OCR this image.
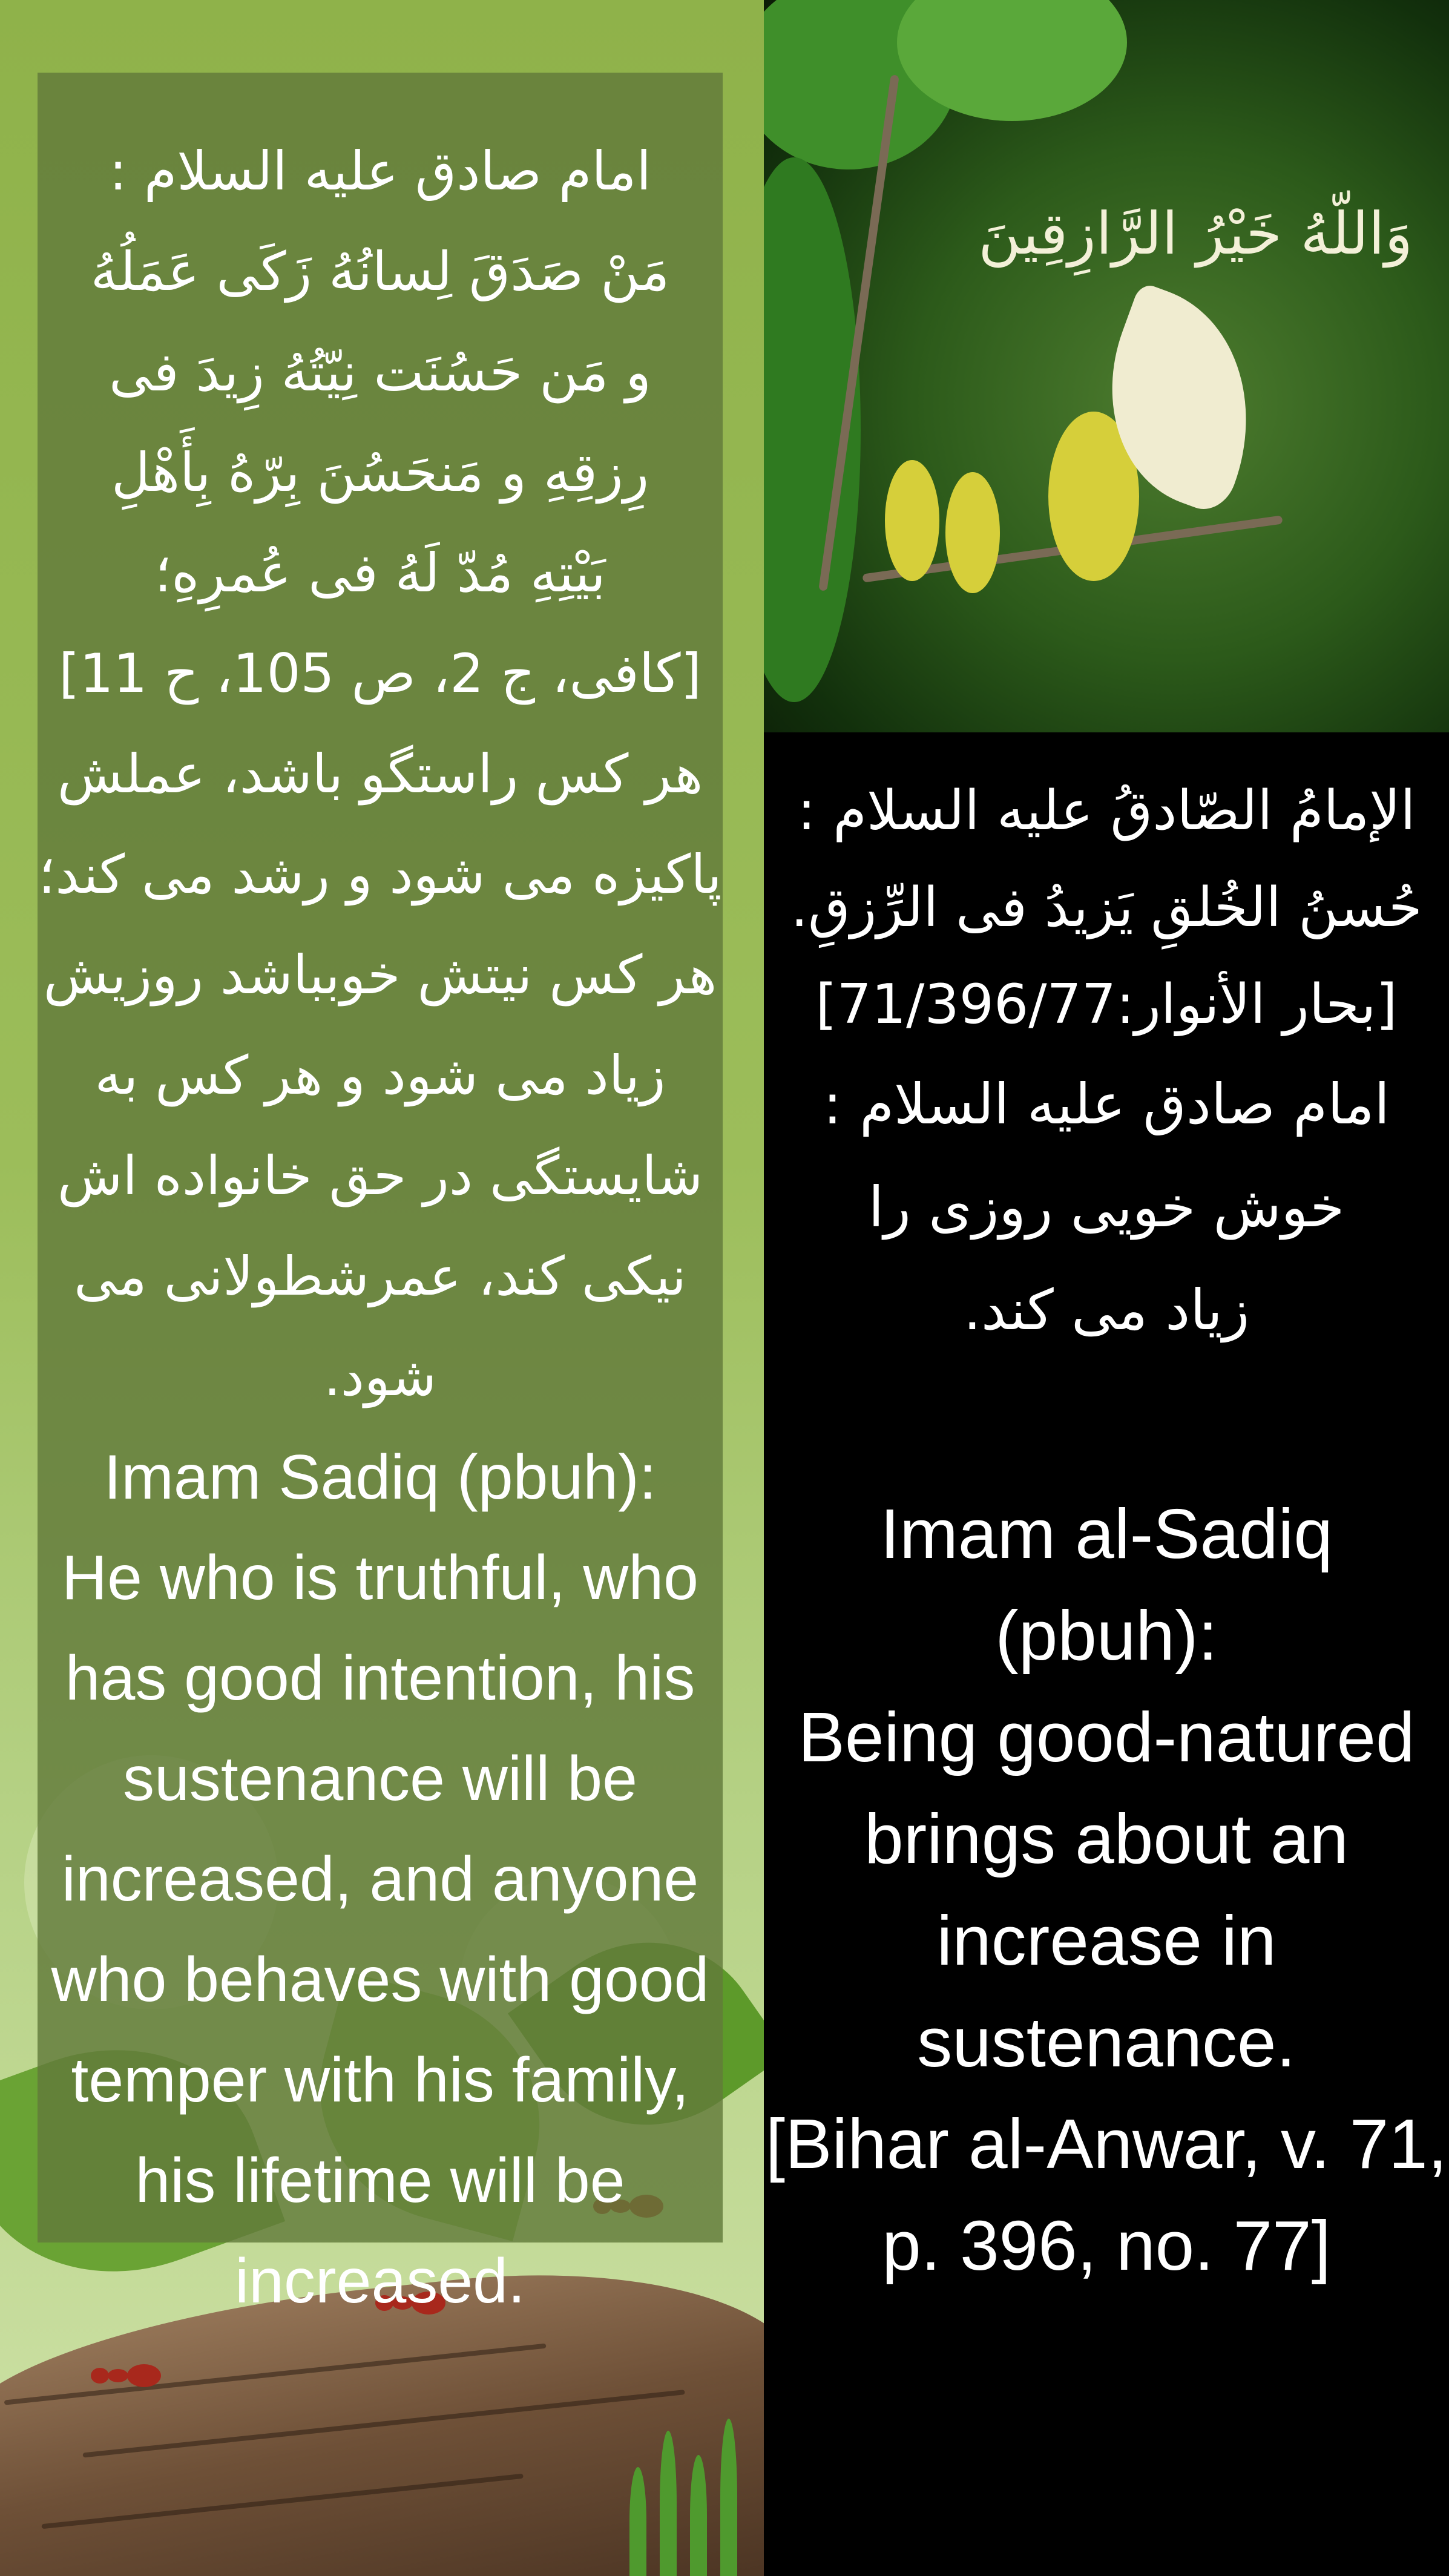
امام صادق علیه السلام :

مَنْ صَدَقَ لِسانُهُ زَكَى عَمَلُهُ

و مَن حَسُنَت نِيّتُهُ زِيدَ فى

رِزقِهِ و مَنحَسُنَ بِرّهُ بِأَهْلِ

بَيْتِهِ مُدّ لَهُ فى عُمرِهِ؛

[كافى، ج 2، ص 105، ح 11]

هر كس راستگو باشد، عملش

پاكيزه مى شود و رشد مى كند؛

هر كس نيتش خوبباشد روزيش

زياد مى شود و هر كس به

شايستگى در حق خانواده اش

نيكى كند، عمرشطولانى مى شود.

Imam Sadiq (pbuh):

He who is truthful, who

has good intention, his

sustenance will be

increased, and anyone

who behaves with good

temper with his family,

his lifetime will be

increased.

وَاللّهُ خَيْرُ الرَّازِقِينَ

الإمامُ الصّادقُ عليه السلام :

حُسنُ الخُلقِ يَزيدُ فى الرِّزقِ.

[بحار الأنوار:71/396/77]

امام صادق علیه السلام :

خوش خويى روزى را

زياد مى كند.

Imam al-Sadiq (pbuh):

Being good-natured

brings about an

increase in

sustenance.

[Bihar al-Anwar, v. 71,

p. 396, no. 77]
